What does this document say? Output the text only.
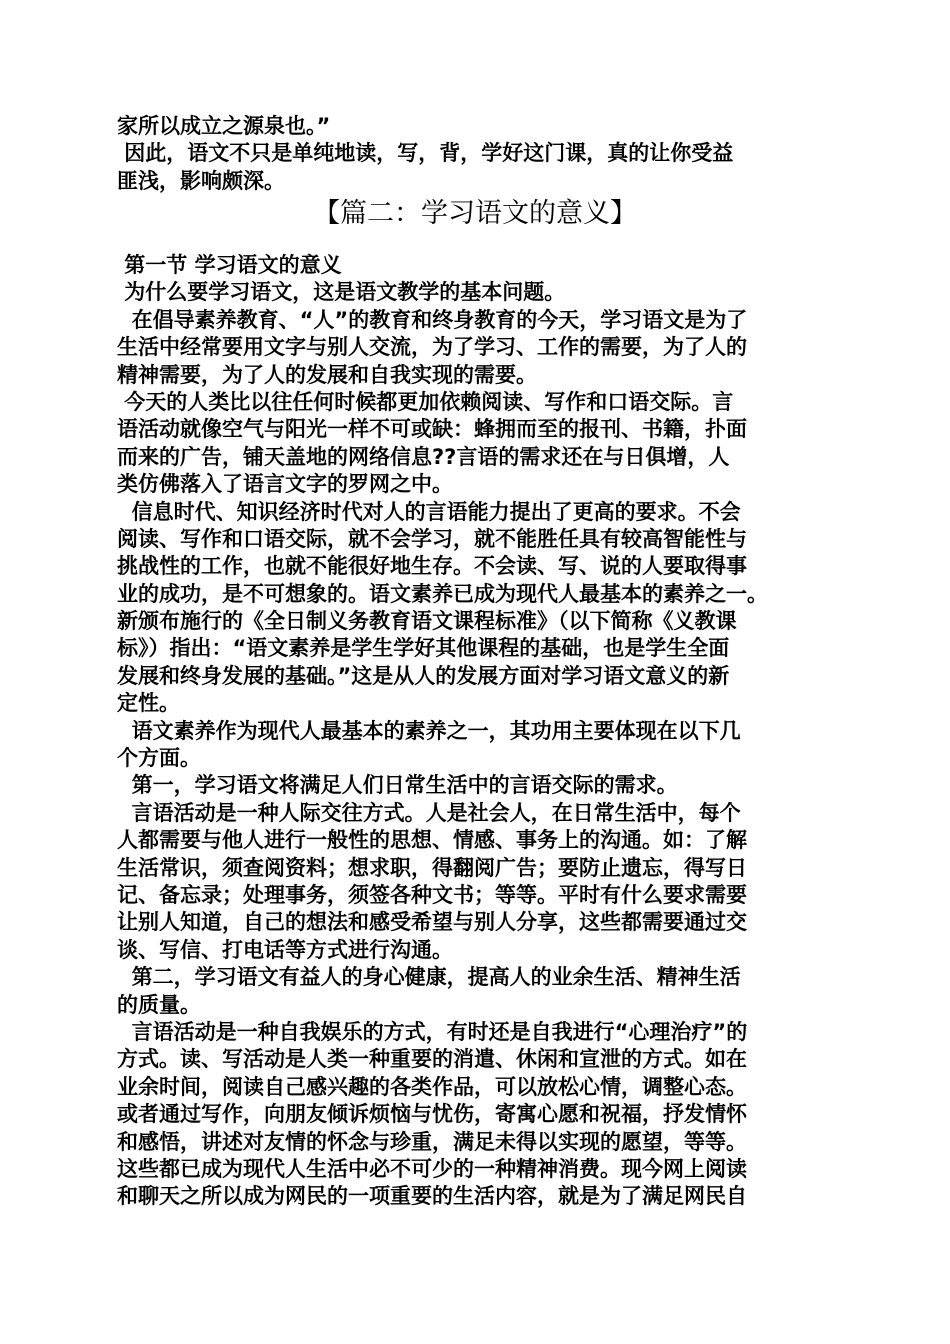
家所以成立之源泉也。”
因此，语文不只是单纯地读，写，背，学好这门课，真的让你受益
匪浅，影响颇深。
【篇二：学习语文的意义】
第一节 学习语文的意义
为什么要学习语文，这是语文教学的基本问题。
在倡导素养教育、“人”的教育和终身教育的今天，学习语文是为了
生活中经常要用文字与别人交流，为了学习、工作的需要，为了人的
精神需要，为了人的发展和自我实现的需要。
今天的人类比以往任何时候都更加依赖阅读、写作和口语交际。言
语活动就像空气与阳光一样不可或缺：蜂拥而至的报刊、书籍，扑面
而来的广告，铺天盖地的网络信息??言语的需求还在与日俱增，人
类仿佛落入了语言文字的罗网之中。
信息时代、知识经济时代对人的言语能力提出了更高的要求。不会
阅读、写作和口语交际，就不会学习，就不能胜任具有较高智能性与
挑战性的工作，也就不能很好地生存。不会读、写、说的人要取得事
业的成功，是不可想象的。语文素养已成为现代人最基本的素养之一。
新颁布施行的《全日制义务教育语文课程标准》（以下简称《义教课
标》）指出：“语文素养是学生学好其他课程的基础，也是学生全面
发展和终身发展的基础。”这是从人的发展方面对学习语文意义的新
定性。
语文素养作为现代人最基本的素养之一，其功用主要体现在以下几
个方面。
第一，学习语文将满足人们日常生活中的言语交际的需求。
言语活动是一种人际交往方式。人是社会人，在日常生活中，每个
人都需要与他人进行一般性的思想、情感、事务上的沟通。如：了解
生活常识，须查阅资料；想求职，得翻阅广告；要防止遗忘，得写日
记、备忘录；处理事务，须签各种文书；等等。平时有什么要求需要
让别人知道，自己的想法和感受希望与别人分享，这些都需要通过交
谈、写信、打电话等方式进行沟通。
第二，学习语文有益人的身心健康，提高人的业余生活、精神生活
的质量。
言语活动是一种自我娱乐的方式，有时还是自我进行“心理治疗”的
方式。读、写活动是人类一种重要的消遣、休闲和宣泄的方式。如在
业余时间，阅读自己感兴趣的各类作品，可以放松心情，调整心态。
或者通过写作，向朋友倾诉烦恼与忧伤，寄寓心愿和祝福，抒发情怀
和感悟，讲述对友情的怀念与珍重，满足未得以实现的愿望，等等。
这些都已成为现代人生活中必不可少的一种精神消费。现今网上阅读
和聊天之所以成为网民的一项重要的生活内容，就是为了满足网民自
